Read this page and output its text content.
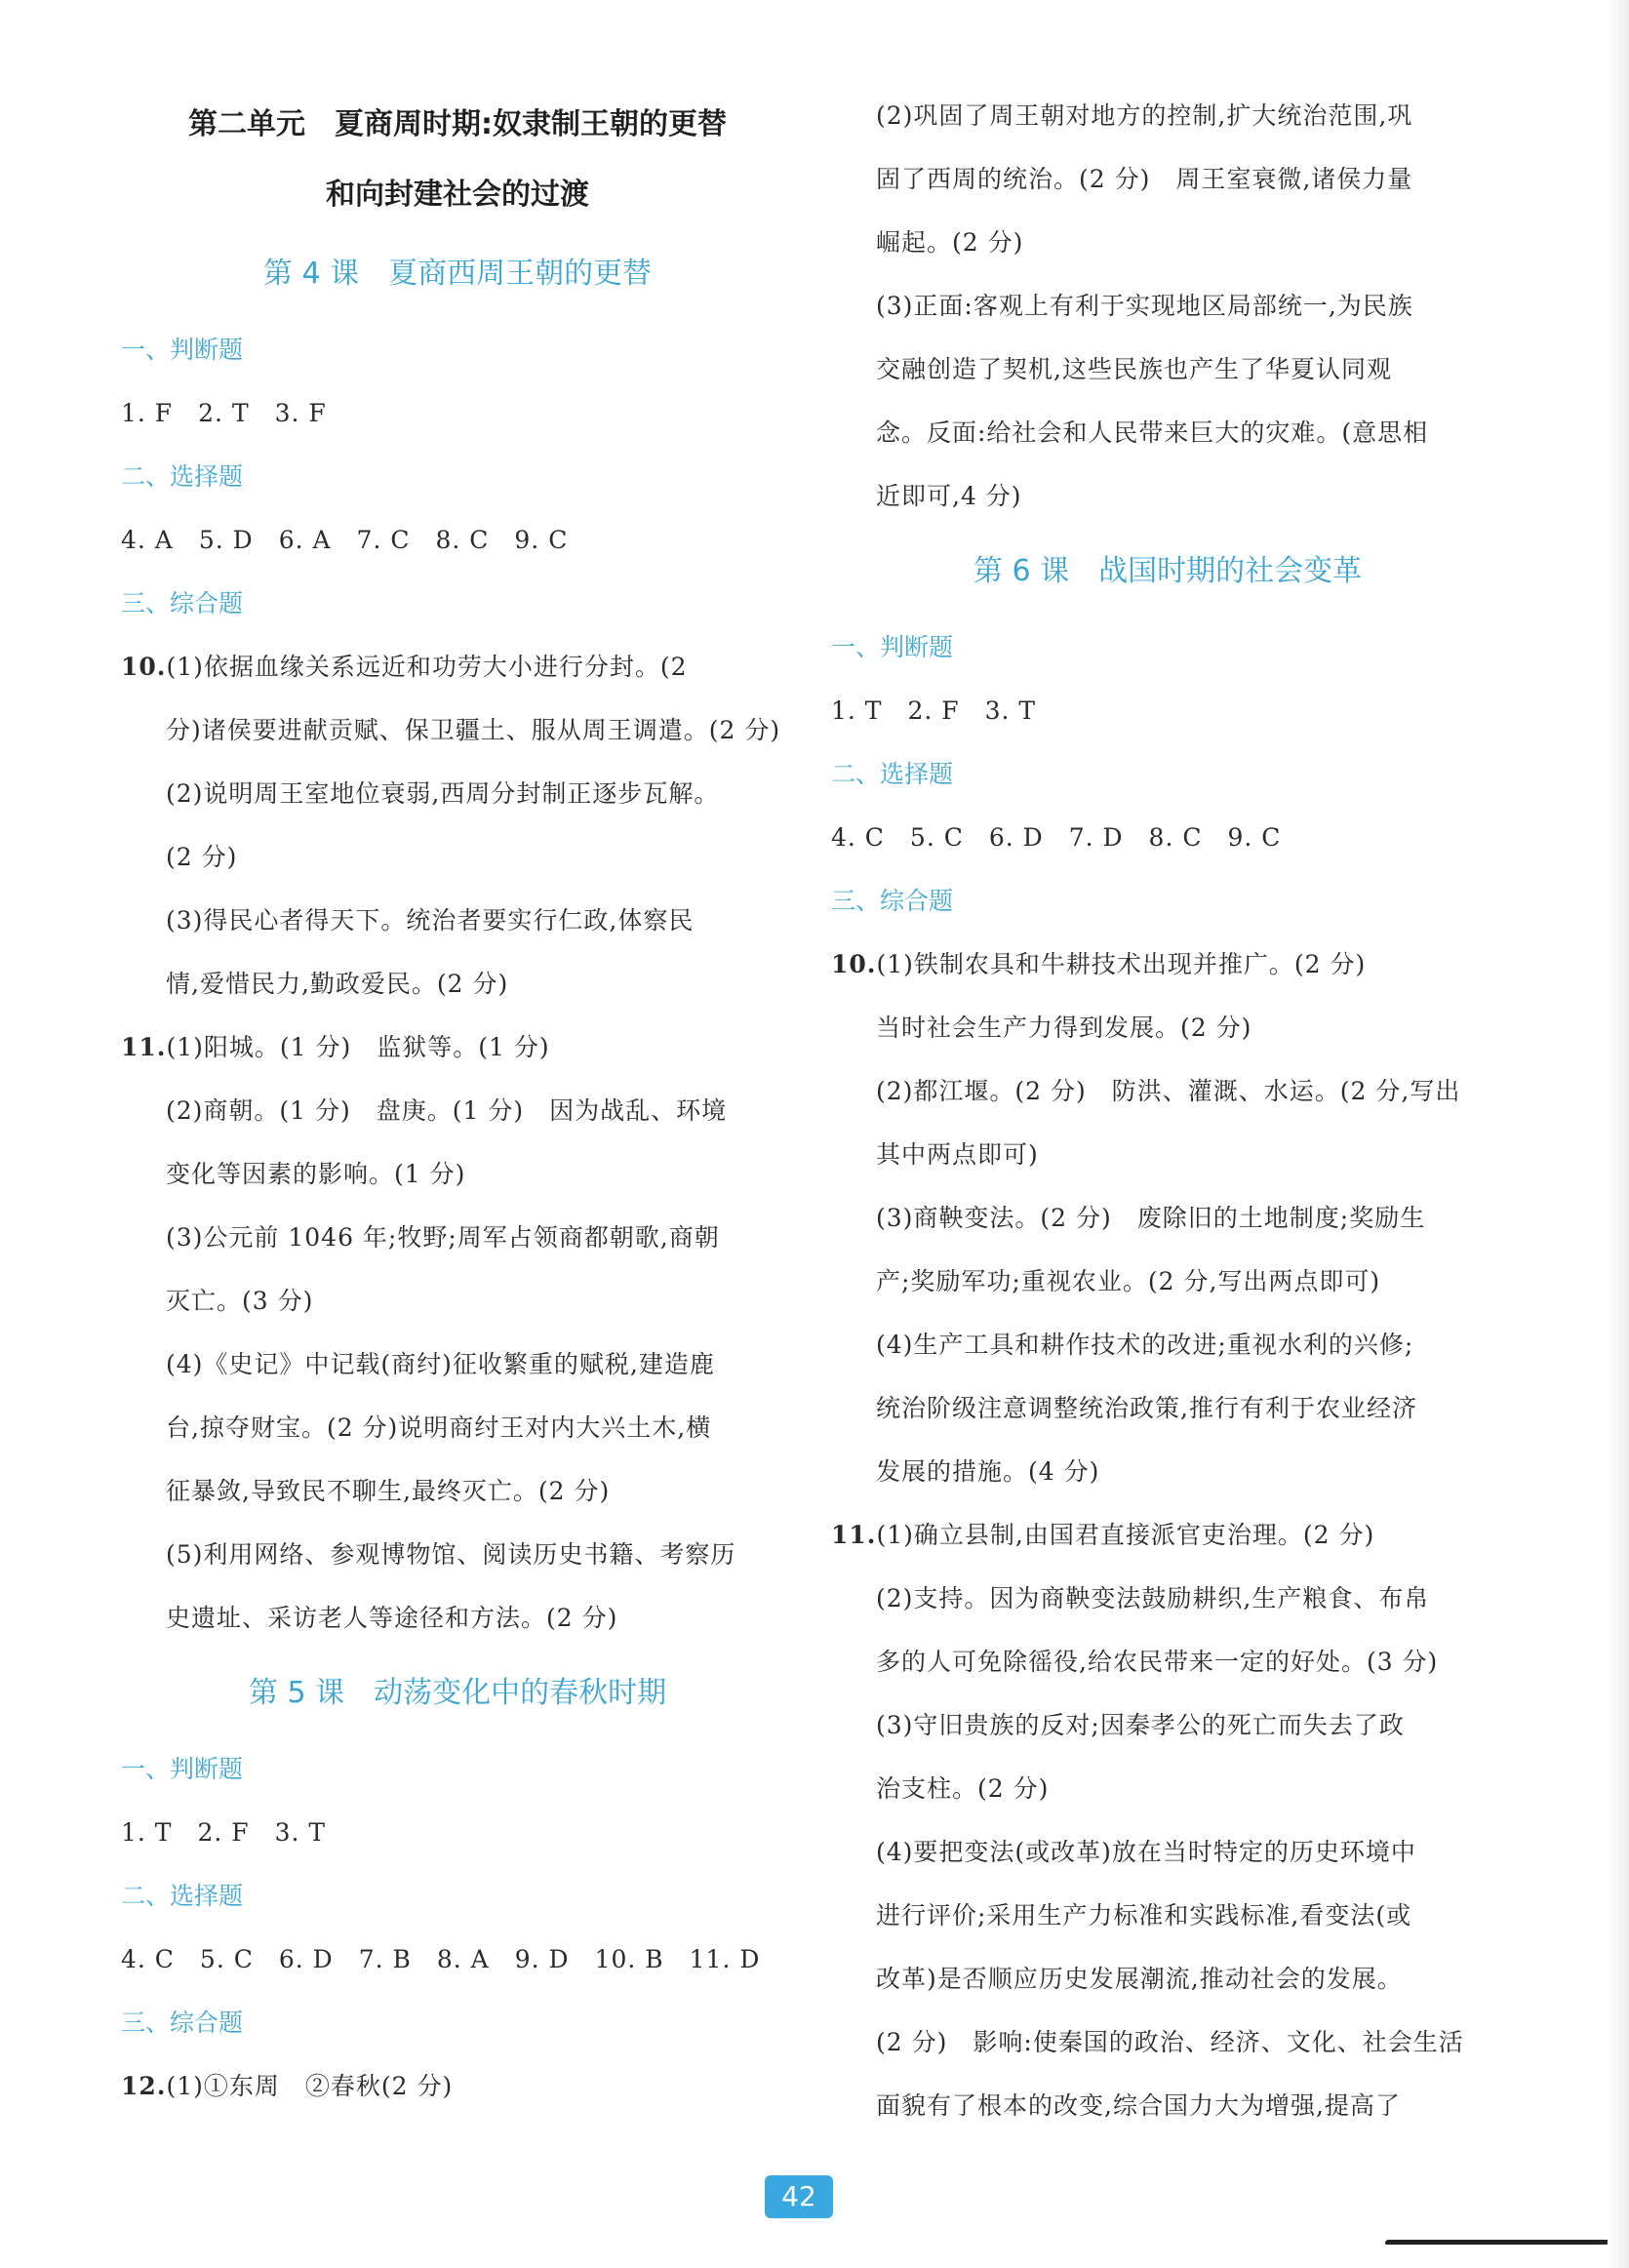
第二单元　夏商周时期:奴隶制王朝的更替
和向封建社会的过渡
第 4 课　夏商西周王朝的更替
一、判断题
1. F　2. T　3. F
二、选择题
4. A　5. D　6. A　7. C　8. C　9. C
三、综合题
10.(1)依据血缘关系远近和功劳大小进行分封。(2
分)诸侯要进献贡赋、保卫疆土、服从周王调遣。(2 分)
(2)说明周王室地位衰弱,西周分封制正逐步瓦解。
(2 分)
(3)得民心者得天下。统治者要实行仁政,体察民
情,爱惜民力,勤政爱民。(2 分)
11.(1)阳城。(1 分)　监狱等。(1 分)
(2)商朝。(1 分)　盘庚。(1 分)　因为战乱、环境
变化等因素的影响。(1 分)
(3)公元前 1046 年;牧野;周军占领商都朝歌,商朝
灭亡。(3 分)
(4)《史记》中记载(商纣)征收繁重的赋税,建造鹿
台,掠夺财宝。(2 分)说明商纣王对内大兴土木,横
征暴敛,导致民不聊生,最终灭亡。(2 分)
(5)利用网络、参观博物馆、阅读历史书籍、考察历
史遗址、采访老人等途径和方法。(2 分)
第 5 课　动荡变化中的春秋时期
一、判断题
1. T　2. F　3. T
二、选择题
4. C　5. C　6. D　7. B　8. A　9. D　10. B　11. D
三、综合题
12.(1)①东周　②春秋(2 分)
(2)巩固了周王朝对地方的控制,扩大统治范围,巩
固了西周的统治。(2 分)　周王室衰微,诸侯力量
崛起。(2 分)
(3)正面:客观上有利于实现地区局部统一,为民族
交融创造了契机,这些民族也产生了华夏认同观
念。反面:给社会和人民带来巨大的灾难。(意思相
近即可,4 分)
第 6 课　战国时期的社会变革
一、判断题
1. T　2. F　3. T
二、选择题
4. C　5. C　6. D　7. D　8. C　9. C
三、综合题
10.(1)铁制农具和牛耕技术出现并推广。(2 分)
当时社会生产力得到发展。(2 分)
(2)都江堰。(2 分)　防洪、灌溉、水运。(2 分,写出
其中两点即可)
(3)商鞅变法。(2 分)　废除旧的土地制度;奖励生
产;奖励军功;重视农业。(2 分,写出两点即可)
(4)生产工具和耕作技术的改进;重视水利的兴修;
统治阶级注意调整统治政策,推行有利于农业经济
发展的措施。(4 分)
11.(1)确立县制,由国君直接派官吏治理。(2 分)
(2)支持。因为商鞅变法鼓励耕织,生产粮食、布帛
多的人可免除徭役,给农民带来一定的好处。(3 分)
(3)守旧贵族的反对;因秦孝公的死亡而失去了政
治支柱。(2 分)
(4)要把变法(或改革)放在当时特定的历史环境中
进行评价;采用生产力标准和实践标准,看变法(或
改革)是否顺应历史发展潮流,推动社会的发展。
(2 分)　影响:使秦国的政治、经济、文化、社会生活
面貌有了根本的改变,综合国力大为增强,提高了
42
